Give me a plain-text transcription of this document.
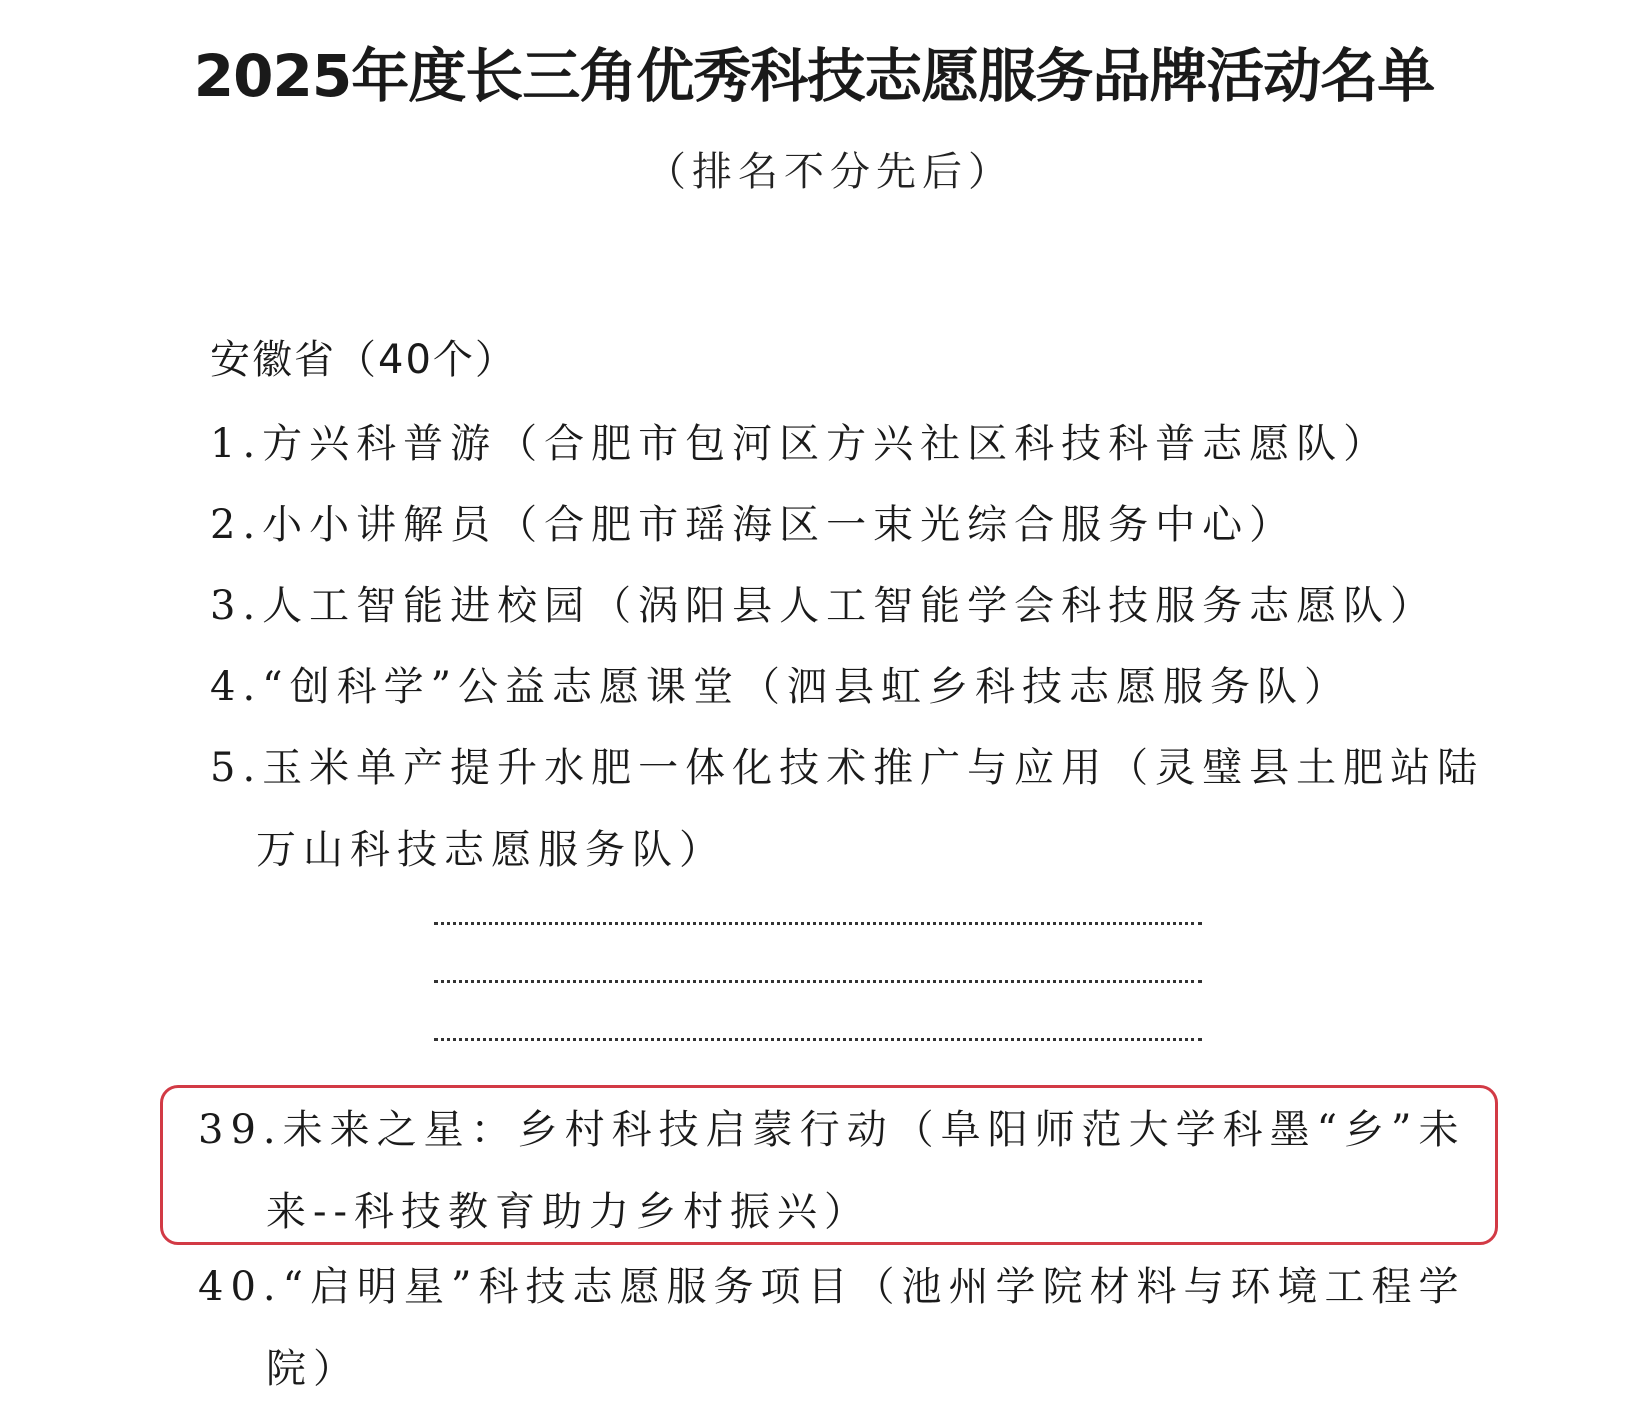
2025年度长三角优秀科技志愿服务品牌活动名单
（排名不分先后）
安徽省（40个）
1.方兴科普游（合肥市包河区方兴社区科技科普志愿队）
2.小小讲解员（合肥市瑶海区一束光综合服务中心）
3.人工智能进校园（涡阳县人工智能学会科技服务志愿队）
4.“创科学”公益志愿课堂（泗县虹乡科技志愿服务队）
5.玉米单产提升水肥一体化技术推广与应用（灵璧县土肥站陆
万山科技志愿服务队）
39.未来之星：乡村科技启蒙行动（阜阳师范大学科墨“乡”未
来--科技教育助力乡村振兴）
40.“启明星”科技志愿服务项目（池州学院材料与环境工程学
院）
